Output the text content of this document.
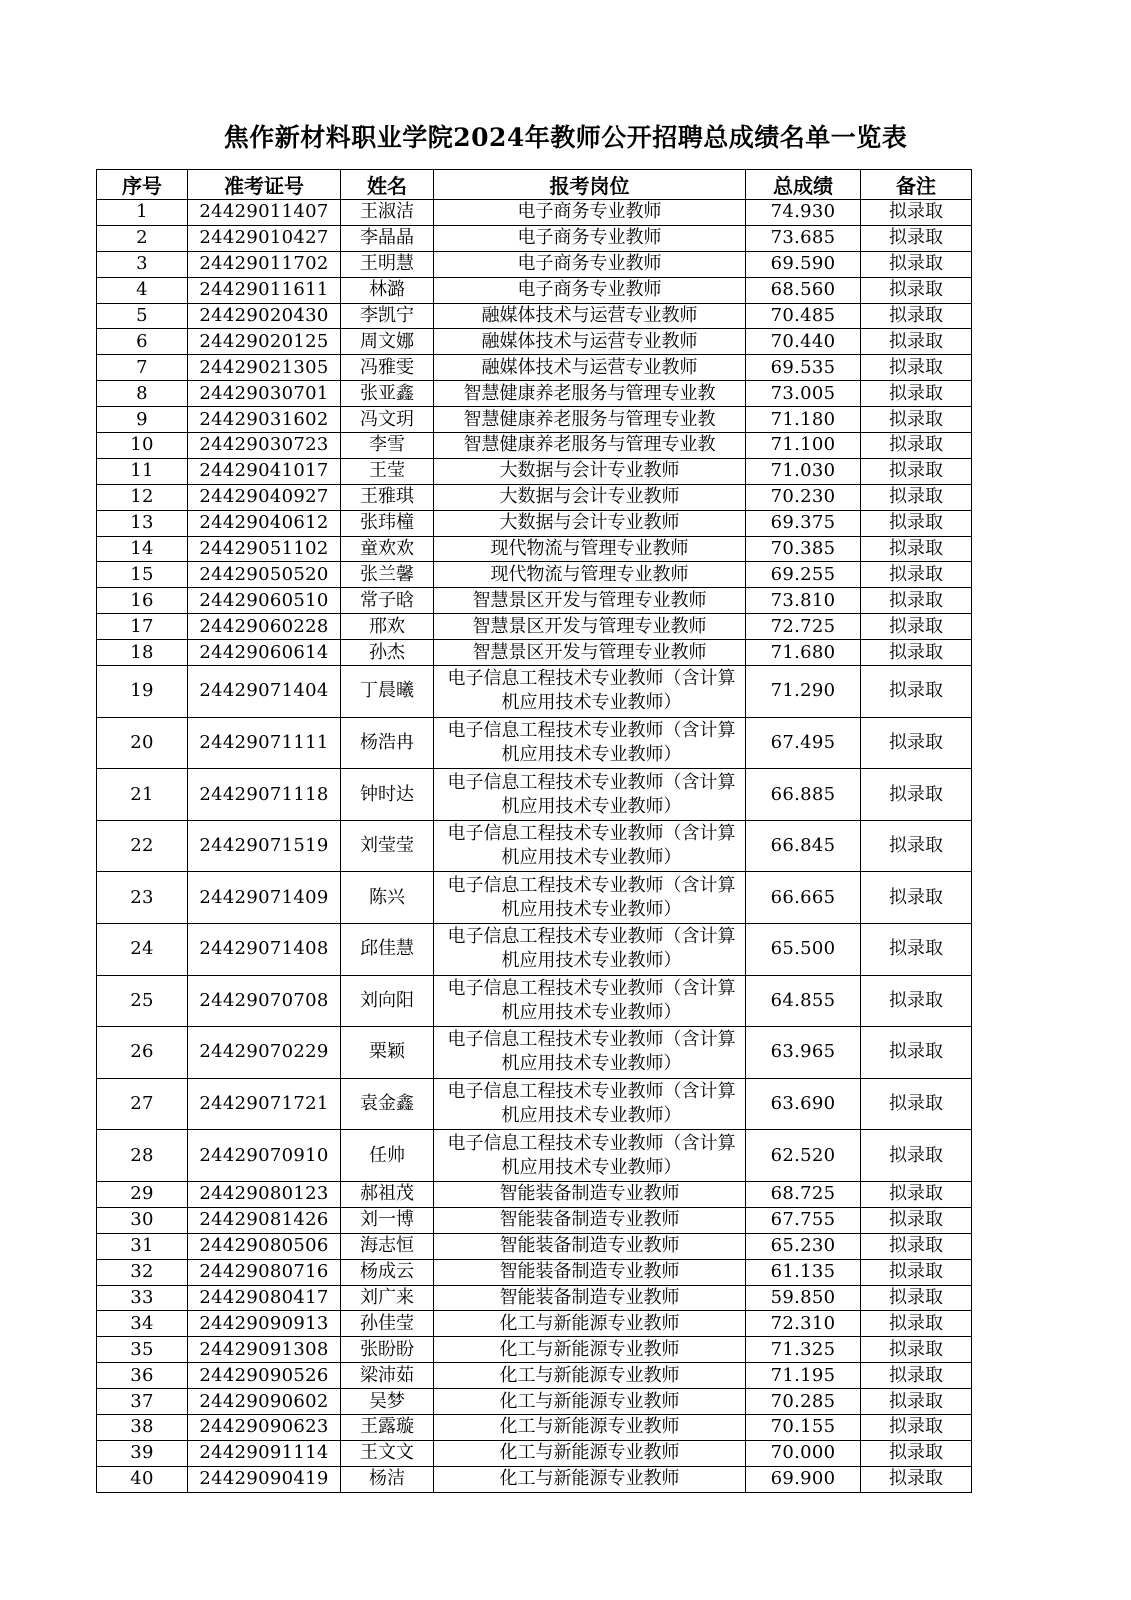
焦作新材料职业学院2024年教师公开招聘总成绩名单一览表
序号	准考证号	姓名	报考岗位	总成绩	备注
1	24429011407	王淑洁	电子商务专业教师	74.930	拟录取
2	24429010427	李晶晶	电子商务专业教师	73.685	拟录取
3	24429011702	王明慧	电子商务专业教师	69.590	拟录取
4	24429011611	林潞	电子商务专业教师	68.560	拟录取
5	24429020430	李凯宁	融媒体技术与运营专业教师	70.485	拟录取
6	24429020125	周文娜	融媒体技术与运营专业教师	70.440	拟录取
7	24429021305	冯雅雯	融媒体技术与运营专业教师	69.535	拟录取
8	24429030701	张亚鑫	智慧健康养老服务与管理专业教	73.005	拟录取
9	24429031602	冯文玥	智慧健康养老服务与管理专业教	71.180	拟录取
10	24429030723	李雪	智慧健康养老服务与管理专业教	71.100	拟录取
11	24429041017	王莹	大数据与会计专业教师	71.030	拟录取
12	24429040927	王雅琪	大数据与会计专业教师	70.230	拟录取
13	24429040612	张玮橦	大数据与会计专业教师	69.375	拟录取
14	24429051102	童欢欢	现代物流与管理专业教师	70.385	拟录取
15	24429050520	张兰馨	现代物流与管理专业教师	69.255	拟录取
16	24429060510	常子晗	智慧景区开发与管理专业教师	73.810	拟录取
17	24429060228	邢欢	智慧景区开发与管理专业教师	72.725	拟录取
18	24429060614	孙杰	智慧景区开发与管理专业教师	71.680	拟录取
19	24429071404	丁晨曦	电子信息工程技术专业教师（含计算机应用技术专业教师）	71.290	拟录取
20	24429071111	杨浩冉	电子信息工程技术专业教师（含计算机应用技术专业教师）	67.495	拟录取
21	24429071118	钟时达	电子信息工程技术专业教师（含计算机应用技术专业教师）	66.885	拟录取
22	24429071519	刘莹莹	电子信息工程技术专业教师（含计算机应用技术专业教师）	66.845	拟录取
23	24429071409	陈兴	电子信息工程技术专业教师（含计算机应用技术专业教师）	66.665	拟录取
24	24429071408	邱佳慧	电子信息工程技术专业教师（含计算机应用技术专业教师）	65.500	拟录取
25	24429070708	刘向阳	电子信息工程技术专业教师（含计算机应用技术专业教师）	64.855	拟录取
26	24429070229	栗颖	电子信息工程技术专业教师（含计算机应用技术专业教师）	63.965	拟录取
27	24429071721	袁金鑫	电子信息工程技术专业教师（含计算机应用技术专业教师）	63.690	拟录取
28	24429070910	任帅	电子信息工程技术专业教师（含计算机应用技术专业教师）	62.520	拟录取
29	24429080123	郝祖茂	智能装备制造专业教师	68.725	拟录取
30	24429081426	刘一博	智能装备制造专业教师	67.755	拟录取
31	24429080506	海志恒	智能装备制造专业教师	65.230	拟录取
32	24429080716	杨成云	智能装备制造专业教师	61.135	拟录取
33	24429080417	刘广来	智能装备制造专业教师	59.850	拟录取
34	24429090913	孙佳莹	化工与新能源专业教师	72.310	拟录取
35	24429091308	张盼盼	化工与新能源专业教师	71.325	拟录取
36	24429090526	梁沛茹	化工与新能源专业教师	71.195	拟录取
37	24429090602	吴梦	化工与新能源专业教师	70.285	拟录取
38	24429090623	王露璇	化工与新能源专业教师	70.155	拟录取
39	24429091114	王文文	化工与新能源专业教师	70.000	拟录取
40	24429090419	杨洁	化工与新能源专业教师	69.900	拟录取
